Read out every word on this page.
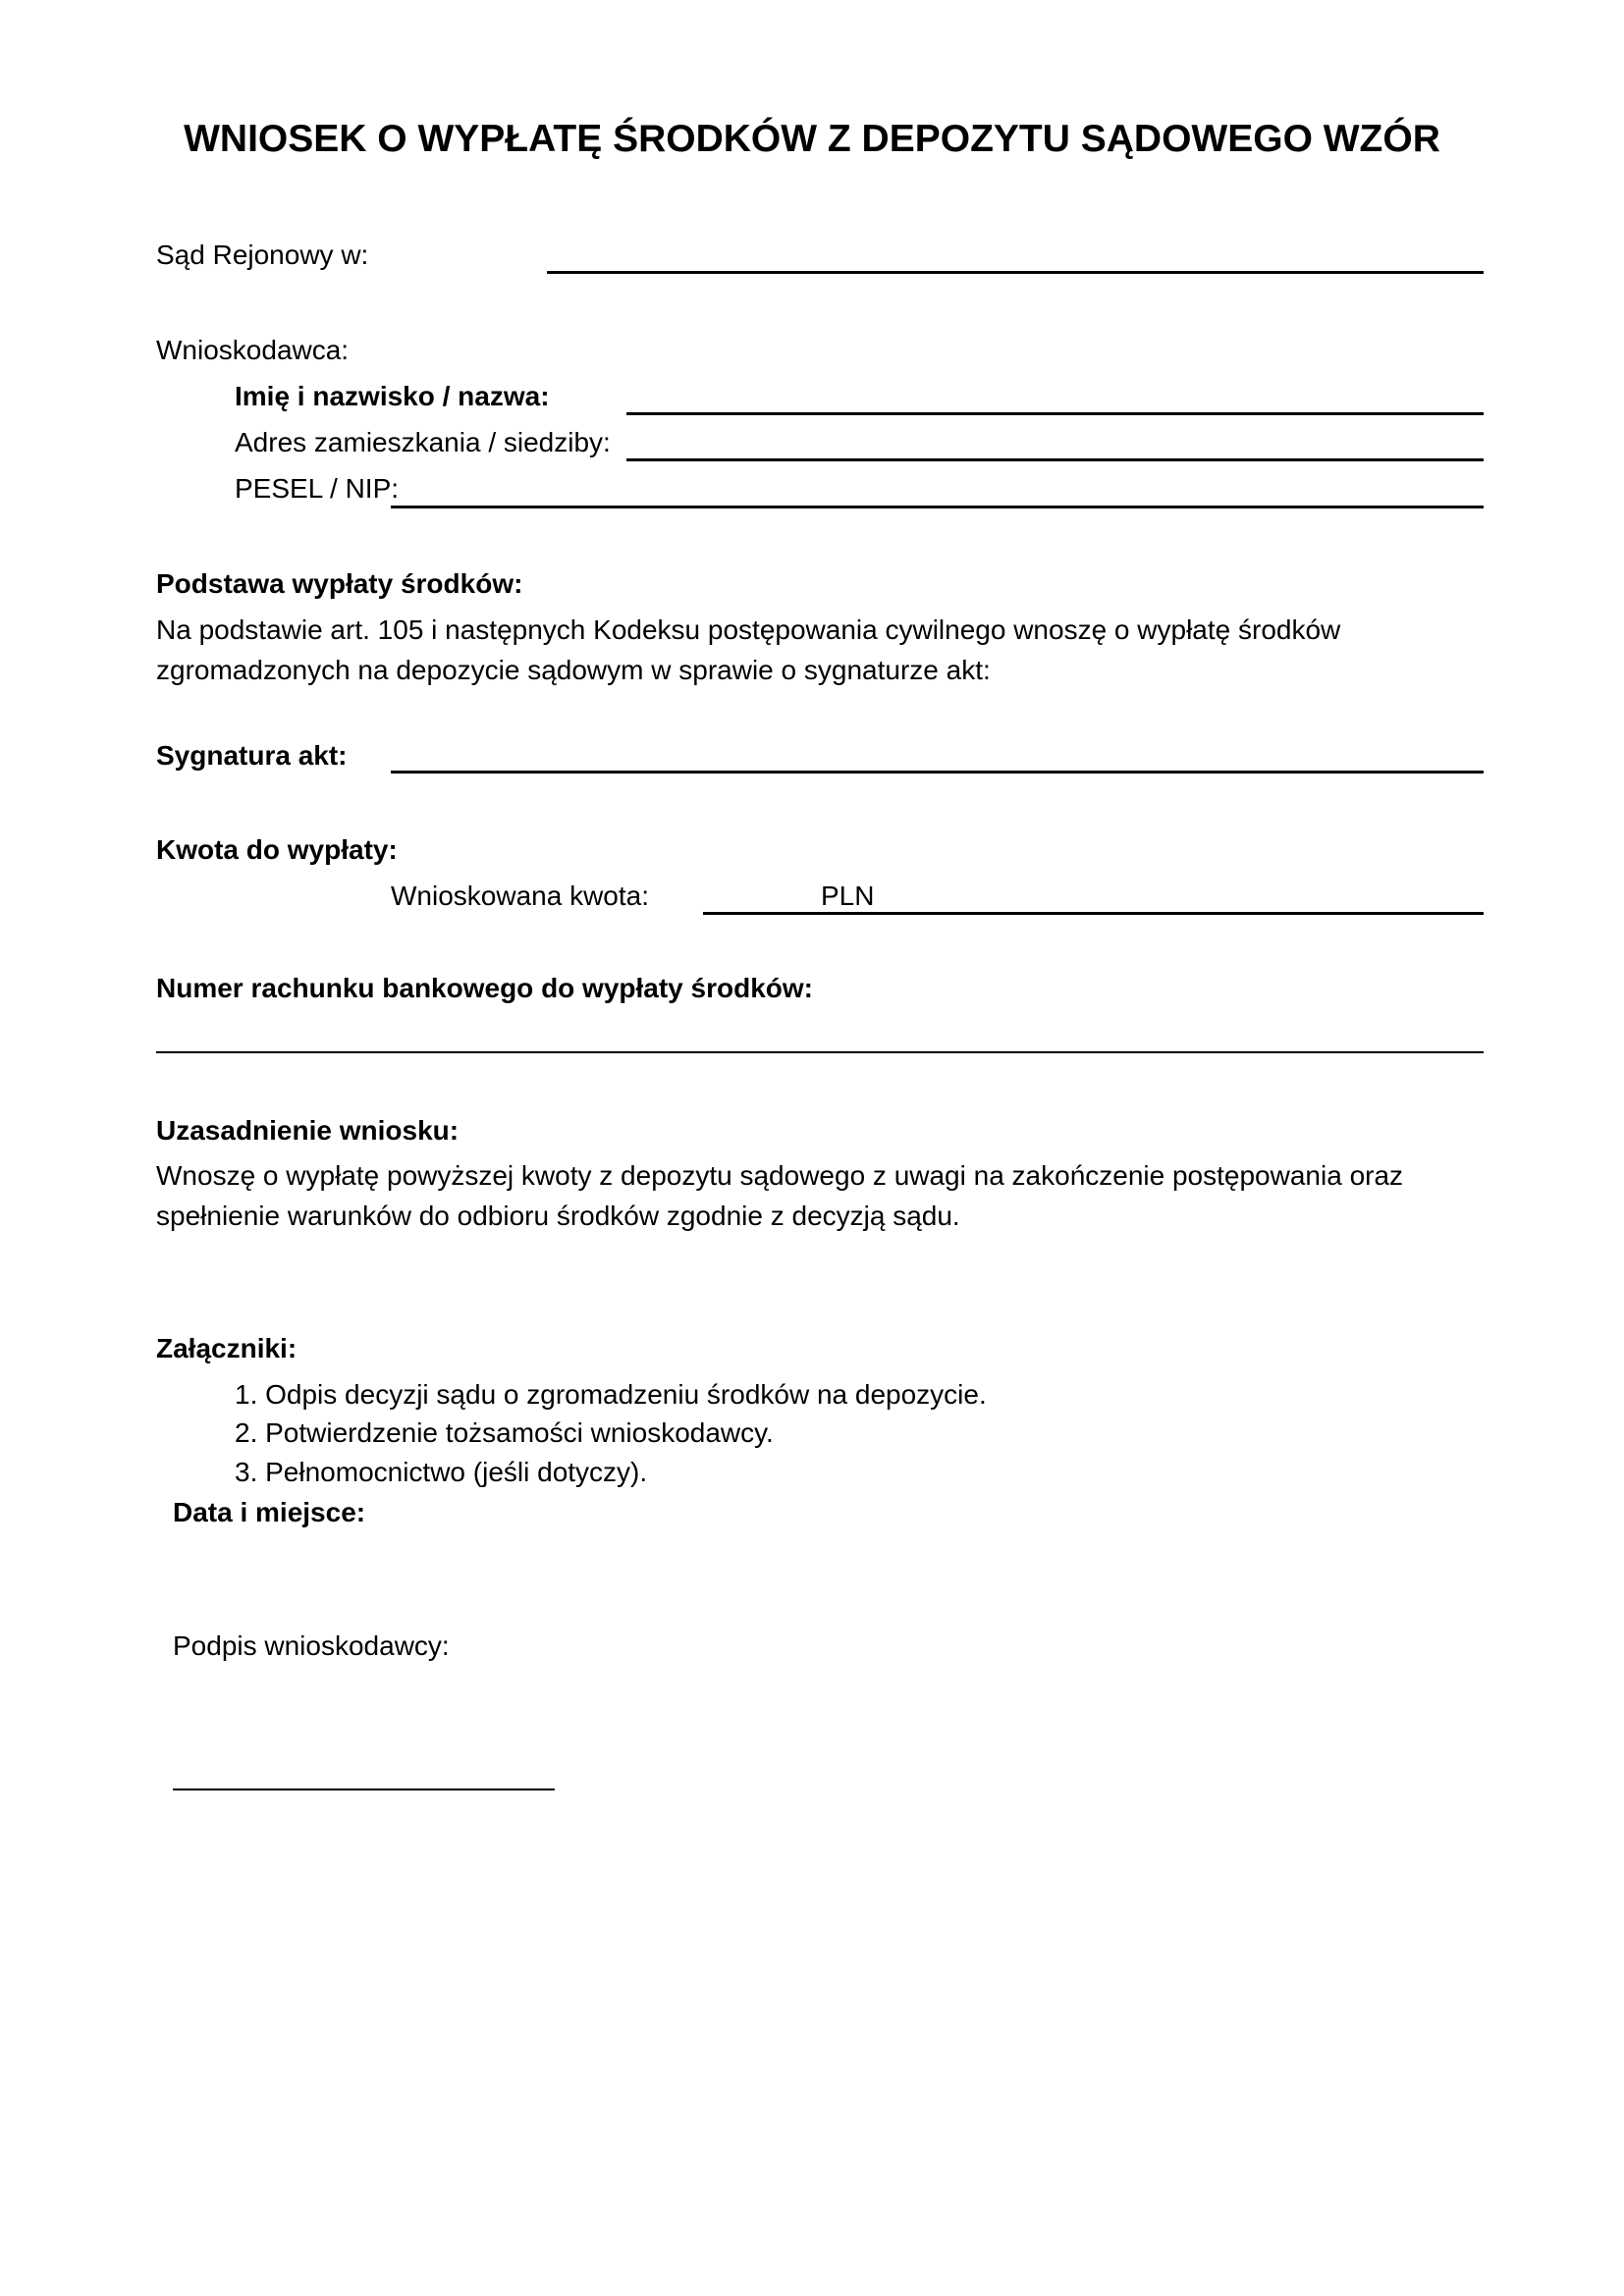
WNIOSEK O WYPŁATĘ ŚRODKÓW Z DEPOZYTU SĄDOWEGO WZÓR
Sąd Rejonowy w:
Wnioskodawca:
Imię i nazwisko / nazwa:
Adres zamieszkania / siedziby:
PESEL / NIP:
Podstawa wypłaty środków:
Na podstawie art. 105 i następnych Kodeksu postępowania cywilnego wnoszę o wypłatę środków
zgromadzonych na depozycie sądowym w sprawie o sygnaturze akt:
Sygnatura akt:
Kwota do wypłaty:
Wnioskowana kwota:	PLN
Numer rachunku bankowego do wypłaty środków:
Uzasadnienie wniosku:
Wnoszę o wypłatę powyższej kwoty z depozytu sądowego z uwagi na zakończenie postępowania oraz
spełnienie warunków do odbioru środków zgodnie z decyzją sądu.
Załączniki:
1. Odpis decyzji sądu o zgromadzeniu środków na depozycie.
2. Potwierdzenie tożsamości wnioskodawcy.
3. Pełnomocnictwo (jeśli dotyczy).
Data i miejsce:
Podpis wnioskodawcy:
